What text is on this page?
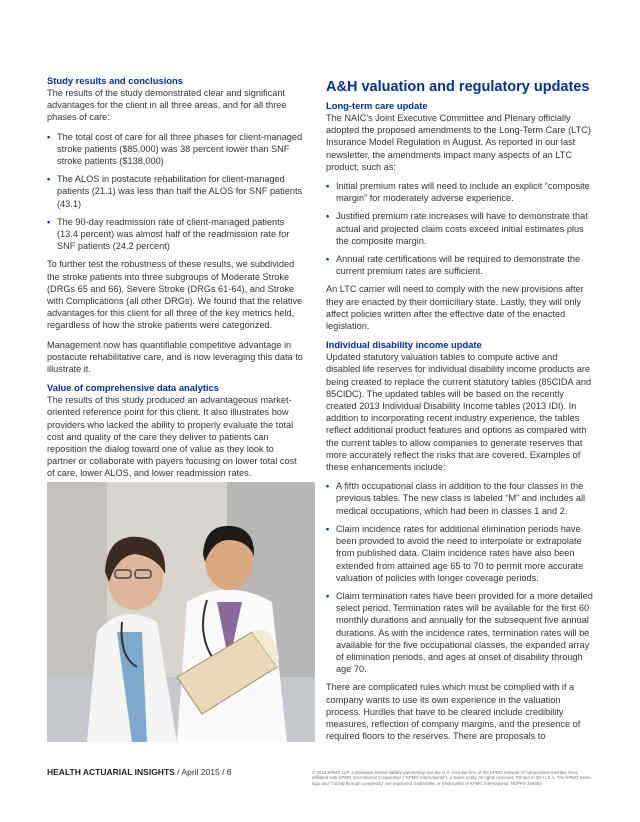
Study results and conclusions

The results of the study demonstrated clear and significant advantages for the client in all three areas, and for all three phases of care:

• The total cost of care for all three phases for client-managed stroke patients ($85,000) was 38 percent lower than SNF stroke patients ($138,000)
• The ALOS in postacute rehabilitation for client-managed patients (21.1) was less than half the ALOS for SNF patients (43.1)
• The 90-day readmission rate of client-managed patients (13.4 percent) was almost half of the readmission rate for SNF patients (24.2 percent)

To further test the robustness of these results, we subdivided the stroke patients into three subgroups of Moderate Stroke (DRGs 65 and 66), Severe Stroke (DRGs 61-64), and Stroke with Complications (all other DRGs). We found that the relative advantages for this client for all three of the key metrics held, regardless of how the stroke patients were categorized.

Management now has quantifiable competitive advantage in postacute rehabilitative care, and is now leveraging this data to illustrate it.

Value of comprehensive data analytics

The results of this study produced an advantageous market-oriented reference point for this client. It also illustrates how providers who lacked the ability to properly evaluate the total cost and quality of the care they deliver to patients can reposition the dialog toward one of value as they look to partner or collaborate with payers focusing on lower total cost of care, lower ALOS, and lower readmission rates.

A&H valuation and regulatory updates
Long-term care update

The NAIC's Joint Executive Committee and Plenary officially adopted the proposed amendments to the Long-Term Care (LTC) Insurance Model Regulation in August. As reported in our last newsletter, the amendments impact many aspects of an LTC product, such as:

• Initial premium rates will need to include an explicit “composite margin” for moderately adverse experience.
• Justified premium rate increases will have to demonstrate that actual and projected claim costs exceed initial estimates plus the composite margin.
• Annual rate certifications will be required to demonstrate the current premium rates are sufficient.

An LTC carrier will need to comply with the new provisions after they are enacted by their domiciliary state. Lastly, they will only affect policies written after the effective date of the enacted legislation.

Individual disability income update

Updated statutory valuation tables to compute active and disabled life reserves for individual disability income products are being created to replace the current statutory tables (85CIDA and 85CIDC). The updated tables will be based on the recently created 2013 Individual Disability Income tables (2013 IDI). In addition to incorporating recent industry experience, the tables reflect additional product features and options as compared with the current tables to allow companies to generate reserves that more accurately reflect the risks that are covered. Examples of these enhancements include:

• A fifth occupational class in addition to the four classes in the previous tables. The new class is labeled “M” and includes all medical occupations, which had been in classes 1 and 2.
• Claim incidence rates for additional elimination periods have been provided to avoid the need to interpolate or extrapolate from published data. Claim incidence rates have also been extended from attained age 65 to 70 to permit more accurate valuation of policies with longer coverage periods.
• Claim termination rates have been provided for a more detailed select period. Termination rates will be available for the first 60 monthly durations and annually for the subsequent five annual durations. As with the incidence rates, termination rates will be available for the five occupational classes, the expanded array of elimination periods, and ages at onset of disability through age 70.

There are complicated rules which must be complied with if a company wants to use its own experience in the valuation process. Hurdles that have to be cleared include credibility measures, reflection of company margins, and the presence of required floors to the reserves. There are proposals to

HEALTH ACTUARIAL INSIGHTS / April 2015 / 6	© 2015 KPMG LLP, a Delaware limited liability partnership and the U.S. member firm of the KPMG network of independent member firms affiliated with KPMG International Cooperative (“KPMG International”), a Swiss entity. All rights reserved. Printed in the U.S.A. The KPMG name, logo and “cutting through complexity” are registered trademarks or trademarks of KPMG International. NDPPS 349850
